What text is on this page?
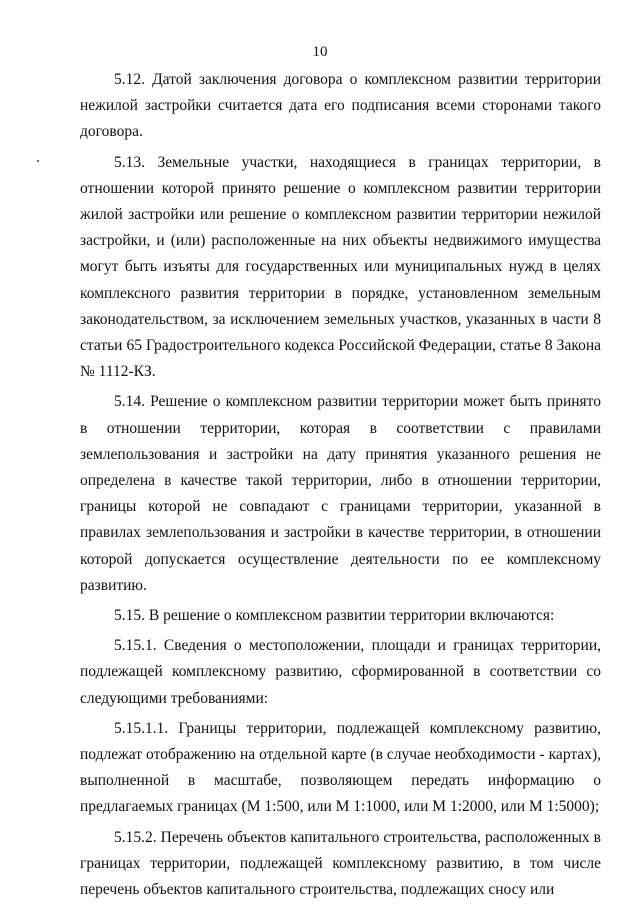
10

5.12. Датой заключения договора о комплексном развитии территории нежилой застройки считается дата его подписания всеми сторонами такого договора.

5.13. Земельные участки, находящиеся в границах территории, в отношении которой принято решение о комплексном развитии территории жилой застройки или решение о комплексном развитии территории нежилой застройки, и (или) расположенные на них объекты недвижимого имущества могут быть изъяты для государственных или муниципальных нужд в целях комплексного развития территории в порядке, установленном земельным законодательством, за исключением земельных участков, указанных в части 8 статьи 65 Градостроительного кодекса Российской Федерации, статье 8 Закона № 1112-КЗ.

5.14. Решение о комплексном развитии территории может быть принято в отношении территории, которая в соответствии с правилами землепользования и застройки на дату принятия указанного решения не определена в качестве такой территории, либо в отношении территории, границы которой не совпадают с границами территории, указанной в правилах землепользования и застройки в качестве территории, в отношении которой допускается осуществление деятельности по ее комплексному развитию.

5.15. В решение о комплексном развитии территории включаются:

5.15.1. Сведения о местоположении, площади и границах территории, подлежащей комплексному развитию, сформированной в соответствии со следующими требованиями:

5.15.1.1. Границы территории, подлежащей комплексному развитию, подлежат отображению на отдельной карте (в случае необходимости - картах), выполненной в масштабе, позволяющем передать информацию о предлагаемых границах (М 1:500, или М 1:1000, или М 1:2000, или М 1:5000);

5.15.2. Перечень объектов капитального строительства, расположенных в границах территории, подлежащей комплексному развитию, в том числе перечень объектов капитального строительства, подлежащих сносу или
